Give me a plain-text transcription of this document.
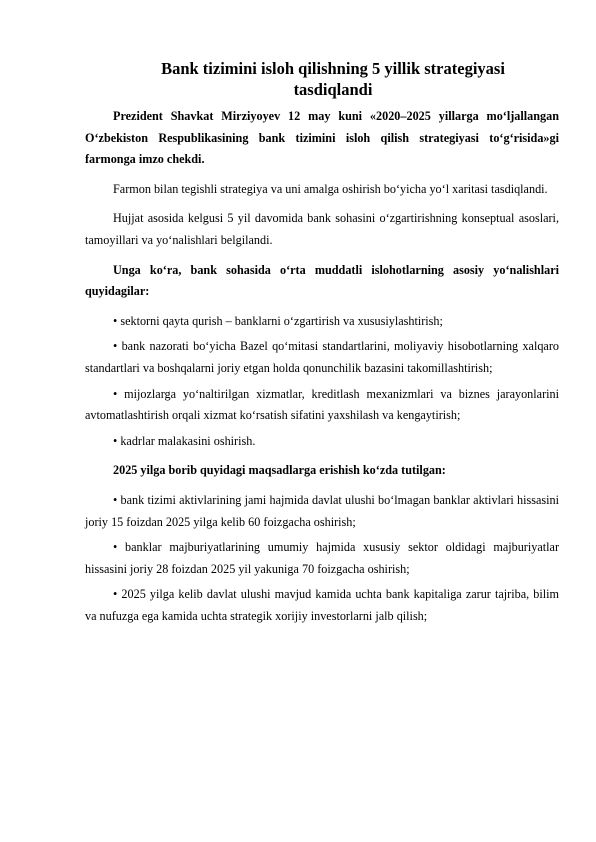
Bank tizimini isloh qilishning 5 yillik strategiyasi
tasdiqlandi

Prezident Shavkat Mirziyoyev 12 may kuni «2020–2025 yillarga mo‘ljallangan O‘zbekiston Respublikasining bank tizimini isloh qilish strategiyasi to‘g‘risida»gi farmonga imzo chekdi.

Farmon bilan tegishli strategiya va uni amalga oshirish bo‘yicha yo‘l xaritasi tasdiqlandi.

Hujjat asosida kelgusi 5 yil davomida bank sohasini o‘zgartirishning konseptual asoslari, tamoyillari va yo‘nalishlari belgilandi.

Unga ko‘ra, bank sohasida o‘rta muddatli islohotlarning asosiy yo‘nalishlari quyidagilar:

• sektorni qayta qurish – banklarni o‘zgartirish va xususiylashtirish;

• bank nazorati bo‘yicha Bazel qo‘mitasi standartlarini, moliyaviy hisobotlarning xalqaro standartlari va boshqalarni joriy etgan holda qonunchilik bazasini takomillashtirish;

• mijozlarga yo‘naltirilgan xizmatlar, kreditlash mexanizmlari va biznes jarayonlarini avtomatlashtirish orqali xizmat ko‘rsatish sifatini yaxshilash va kengaytirish;

• kadrlar malakasini oshirish.

2025 yilga borib quyidagi maqsadlarga erishish ko‘zda tutilgan:

• bank tizimi aktivlarining jami hajmida davlat ulushi bo‘lmagan banklar aktivlari hissasini joriy 15 foizdan 2025 yilga kelib 60 foizgacha oshirish;

• banklar majburiyatlarining umumiy hajmida xususiy sektor oldidagi majburiyatlar hissasini joriy 28 foizdan 2025 yil yakuniga 70 foizgacha oshirish;

• 2025 yilga kelib davlat ulushi mavjud kamida uchta bank kapitaliga zarur tajriba, bilim va nufuzga ega kamida uchta strategik xorijiy investorlarni jalb qilish;
